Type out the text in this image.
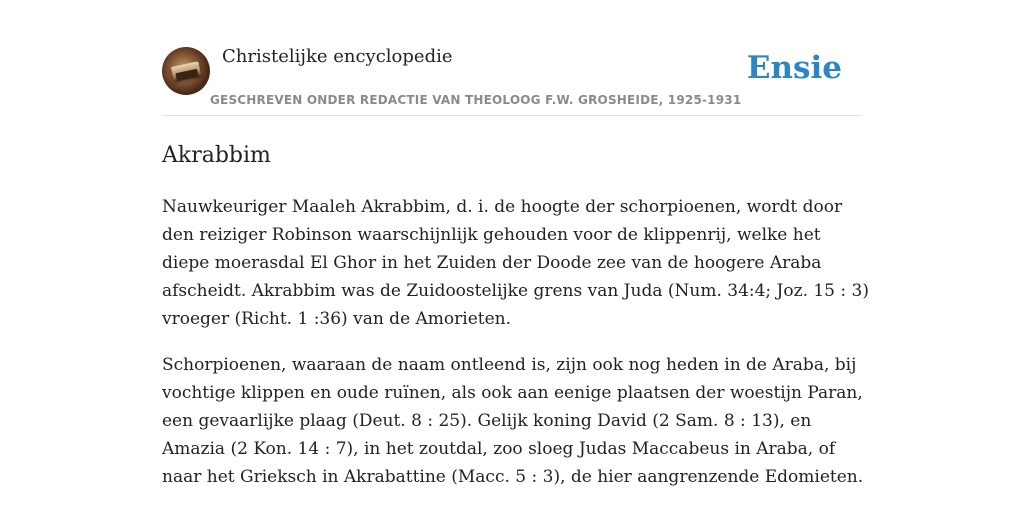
Christelijke encyclopedie
GESCHREVEN ONDER REDACTIE VAN THEOLOOG F.W. GROSHEIDE, 1925-1931
Ensie
Akrabbim

Nauwkeuriger Maaleh Akrabbim, d. i. de hoogte der schorpioenen, wordt door
den reiziger Robinson waarschijnlijk gehouden voor de klippenrij, welke het
diepe moerasdal El Ghor in het Zuiden der Doode zee van de hoogere Araba
afscheidt. Akrabbim was de Zuidoostelijke grens van Juda (Num. 34:4; Joz. 15 : 3)
vroeger (Richt. 1 :36) van de Amorieten.

Schorpioenen, waaraan de naam ontleend is, zijn ook nog heden in de Araba, bij
vochtige klippen en oude ruïnen, als ook aan eenige plaatsen der woestijn Paran,
een gevaarlijke plaag (Deut. 8 : 25). Gelijk koning David (2 Sam. 8 : 13), en
Amazia (2 Kon. 14 : 7), in het zoutdal, zoo sloeg Judas Maccabeus in Araba, of
naar het Grieksch in Akrabattine (Macc. 5 : 3), de hier aangrenzende Edomieten.
